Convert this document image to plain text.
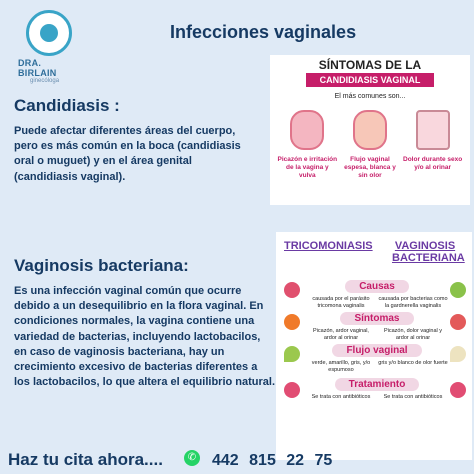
DRA. BIRLAIN
ginecóloga
Infecciones vaginales
Candidiasis :
Puede afectar diferentes áreas del cuerpo, pero es más común en la boca (candidiasis oral o muguet) y en el área genital (candidiasis vaginal).
SÍNTOMAS DE LA
CANDIDIASIS VAGINAL
El más comunes son...
Picazón e irritación de la vagina y vulva
Flujo vaginal espesa, blanca y sin olor
Dolor durante sexo y/o al orinar
Vaginosis bacteriana:
Es una infección vaginal común que ocurre debido a un desequilibrio en la flora vaginal. En condiciones normales, la vagina contiene una variedad de bacterias, incluyendo lactobacilos, en caso de vaginosis bacteriana, hay un crecimiento excesivo de bacterias diferentes a los lactobacilos, lo que altera el equilibrio natural.
TRICOMONIASIS VAGINOSIS BACTERIANA
Causas
causada por el parásito tricomona vaginalis
causada por bacterias como la gardnerella vaginalis
Síntomas
Picazón, ardor vaginal, ardor al orinar
Picazón, dolor vaginal y ardor al orinar
Flujo vaginal
verde, amarillo, gris, y/o espumoso
gris y/o blanco de olor fuerte
Tratamiento
Se trata con antibióticos	Se trata con antibióticos
Haz tu cita ahora....	✆ 442 815 22 75
